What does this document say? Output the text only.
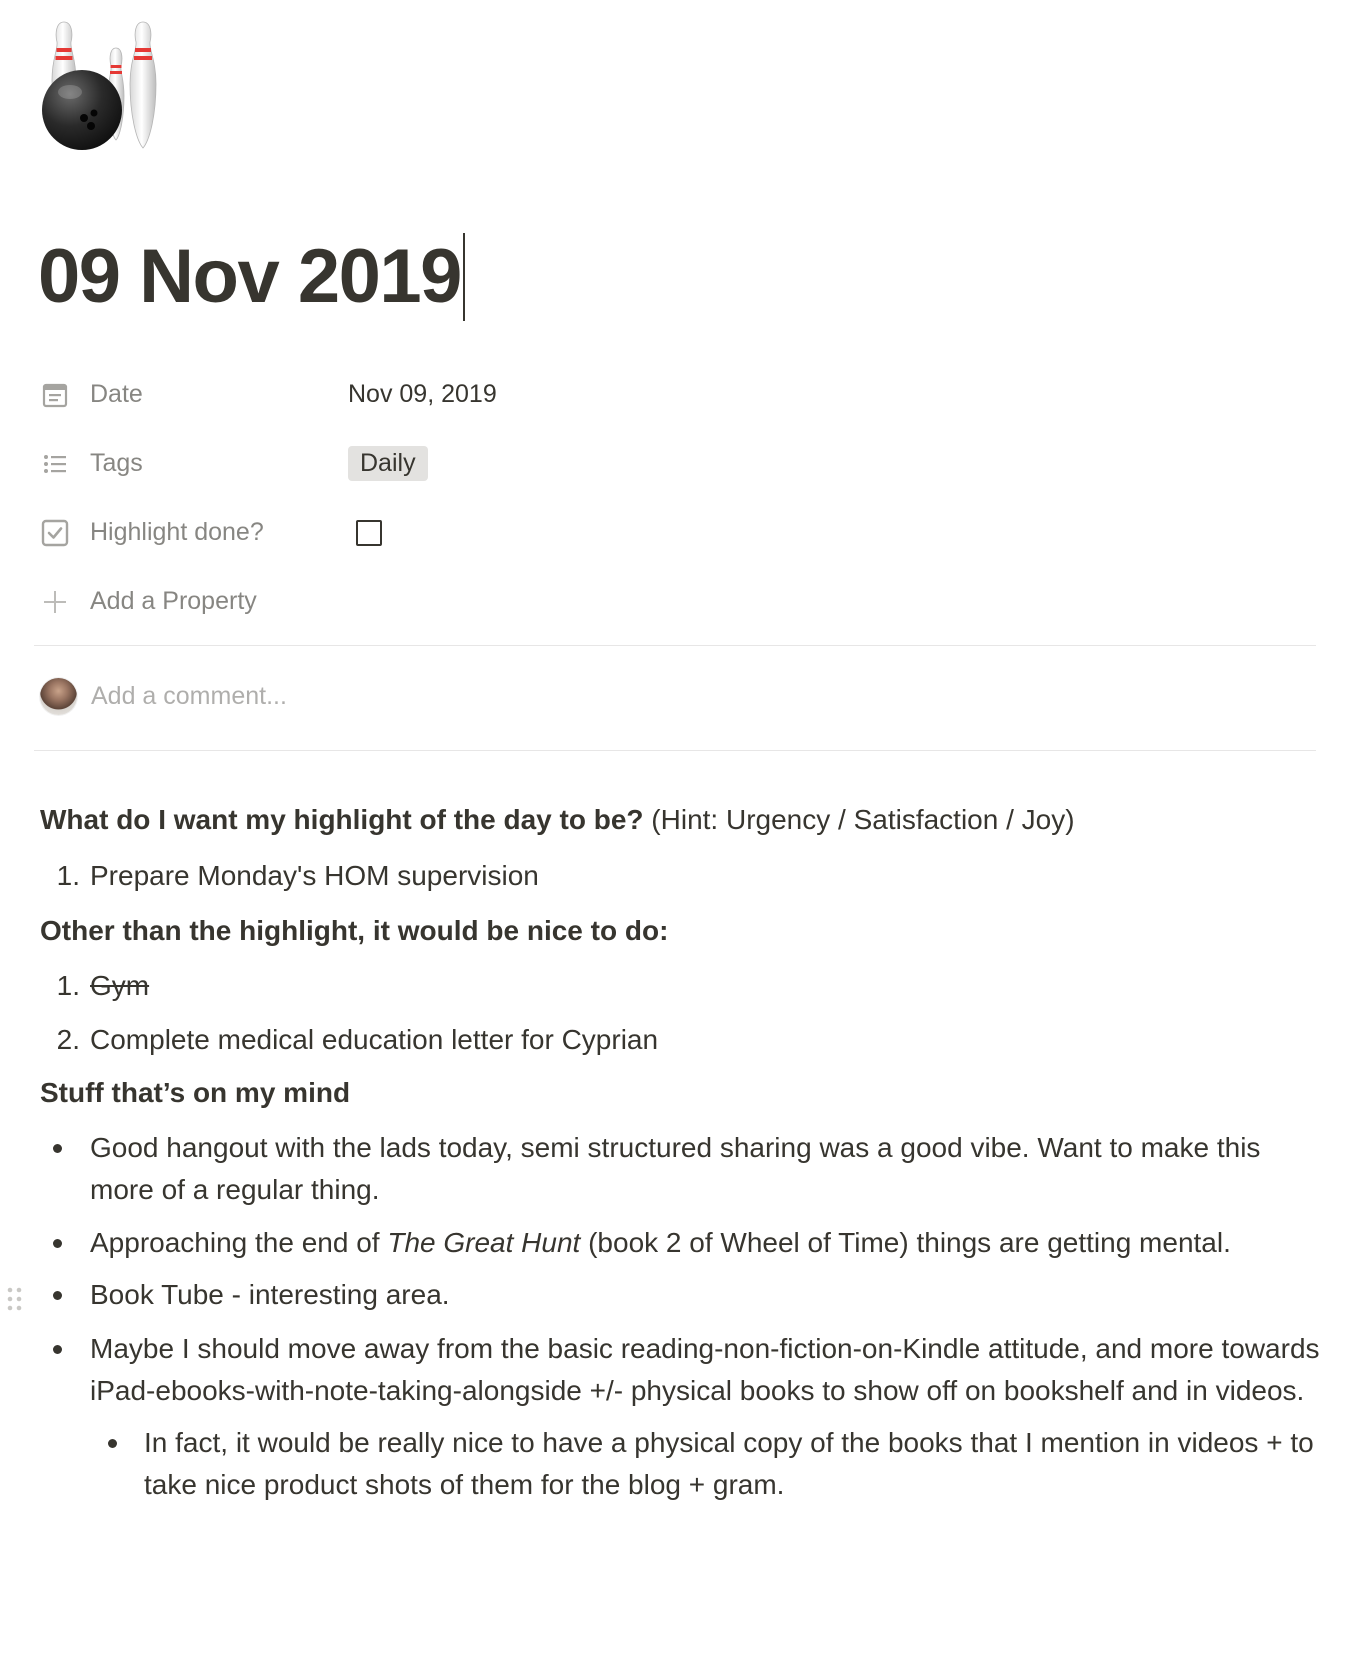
09 Nov 2019
Date	Nov 09, 2019
Tags	Daily
Highlight done?
Add a Property
Add a comment...
What do I want my highlight of the day to be? (Hint: Urgency / Satisfaction / Joy)
1. Prepare Monday's HOM supervision
Other than the highlight, it would be nice to do:
1. Gym
2. Complete medical education letter for Cyprian
Stuff that’s on my mind
Good hangout with the lads today, semi structured sharing was a good vibe. Want to make this more of a regular thing.
Approaching the end of The Great Hunt (book 2 of Wheel of Time) things are getting mental.
Book Tube - interesting area.
Maybe I should move away from the basic reading-non-fiction-on-Kindle attitude, and more towards iPad-ebooks-with-note-taking-alongside +/- physical books to show off on bookshelf and in videos.
In fact, it would be really nice to have a physical copy of the books that I mention in videos + to take nice product shots of them for the blog + gram.
